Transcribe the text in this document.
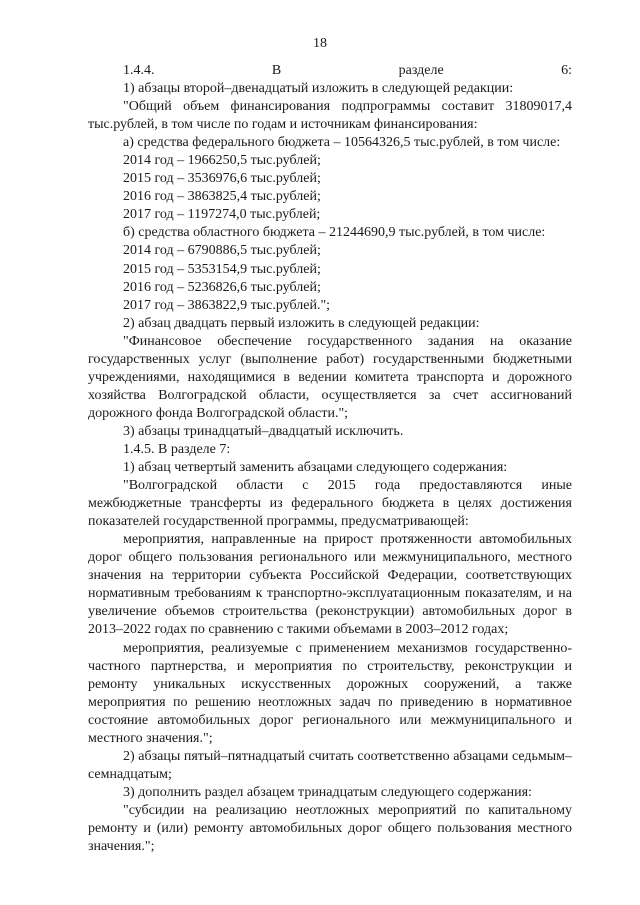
18

1.4.4. В разделе 6:

1) абзацы второй–двенадцатый изложить в следующей редакции:

"Общий объем финансирования подпрограммы составит 31809017,4 тыс.рублей, в том числе по годам и источникам финансирования:

а) средства федерального бюджета – 10564326,5 тыс.рублей, в том числе:

2014 год – 1966250,5 тыс.рублей;

2015 год – 3536976,6 тыс.рублей;

2016 год – 3863825,4 тыс.рублей;

2017 год – 1197274,0 тыс.рублей;

б) средства областного бюджета – 21244690,9 тыс.рублей, в том числе:

2014 год – 6790886,5 тыс.рублей;

2015 год – 5353154,9 тыс.рублей;

2016 год – 5236826,6 тыс.рублей;

2017 год – 3863822,9 тыс.рублей.";

2) абзац двадцать первый изложить в следующей редакции:

"Финансовое обеспечение государственного задания на оказание государственных услуг (выполнение работ) государственными бюджетными учреждениями, находящимися в ведении комитета транспорта и дорожного хозяйства Волгоградской области, осуществляется за счет ассигнований дорожного фонда Волгоградской области.";

3) абзацы тринадцатый–двадцатый исключить.

1.4.5. В разделе 7:

1) абзац четвертый заменить абзацами следующего содержания:

"Волгоградской области с 2015 года предоставляются иные межбюджетные трансферты из федерального бюджета в целях достижения показателей государственной программы, предусматривающей:

мероприятия, направленные на прирост протяженности автомобильных дорог общего пользования регионального или межмуниципального, местного значения на территории субъекта Российской Федерации, соответствующих нормативным требованиям к транспортно-эксплуатационным показателям, и на увеличение объемов строительства (реконструкции) автомобильных дорог в 2013–2022 годах по сравнению с такими объемами в 2003–2012 годах;

мероприятия, реализуемые с применением механизмов государственно-частного партнерства, и мероприятия по строительству, реконструкции и ремонту уникальных искусственных дорожных сооружений, а также мероприятия по решению неотложных задач по приведению в нормативное состояние автомобильных дорог регионального или межмуниципального и местного значения.";

2) абзацы пятый–пятнадцатый считать соответственно абзацами седьмым–семнадцатым;

3) дополнить раздел абзацем тринадцатым следующего содержания:

"субсидии на реализацию неотложных мероприятий по капитальному ремонту и (или) ремонту автомобильных дорог общего пользования местного значения.";
